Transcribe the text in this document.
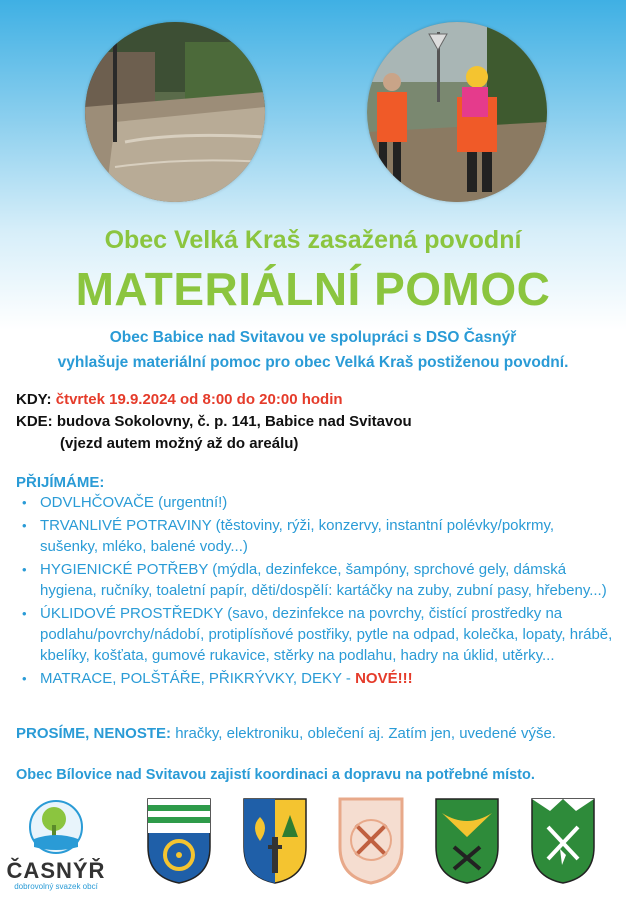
Obec Velká Kraš zasažená povodní
MATERIÁLNÍ POMOC
Obec Babice nad Svitavou ve spolupráci s DSO Časnýř
vyhlašuje materiální pomoc pro obec Velká Kraš postiženou povodní.
KDY: čtvrtek 19.9.2024 od 8:00 do 20:00 hodin
KDE: budova Sokolovny, č. p. 141, Babice nad Svitavou
(vjezd autem možný až do areálu)
PŘIJÍMÁME:
• ODVLHČOVAČE (urgentní!)
• TRVANLIVÉ POTRAVINY (těstoviny, rýži, konzervy, instantní polévky/pokrmy, sušenky, mléko, balené vody...)
• HYGIENICKÉ POTŘEBY (mýdla, dezinfekce, šampóny, sprchové gely, dámská hygiena, ručníky, toaletní papír, děti/dospělí: kartáčky na zuby, zubní pasy, hřebeny...)
• ÚKLIDOVÉ PROSTŘEDKY (savo, dezinfekce na povrchy, čistící prostředky na podlahu/povrchy/nádobí, protiplísňové postřiky, pytle na odpad, kolečka, lopaty, hrábě, kbelíky, košťata, gumové rukavice, stěrky na podlahu, hadry na úklid, utěrky...
• MATRACE, POLŠTÁŘE, PŘIKRÝVKY, DEKY - NOVÉ!!!
PROSÍME, NENOSTE: hračky, elektroniku, oblečení aj. Zatím jen, uvedené výše.
Obec Bílovice nad Svitavou zajistí koordinaci a dopravu na potřebné místo.
ČASNÝŘ
dobrovolný svazek obcí
